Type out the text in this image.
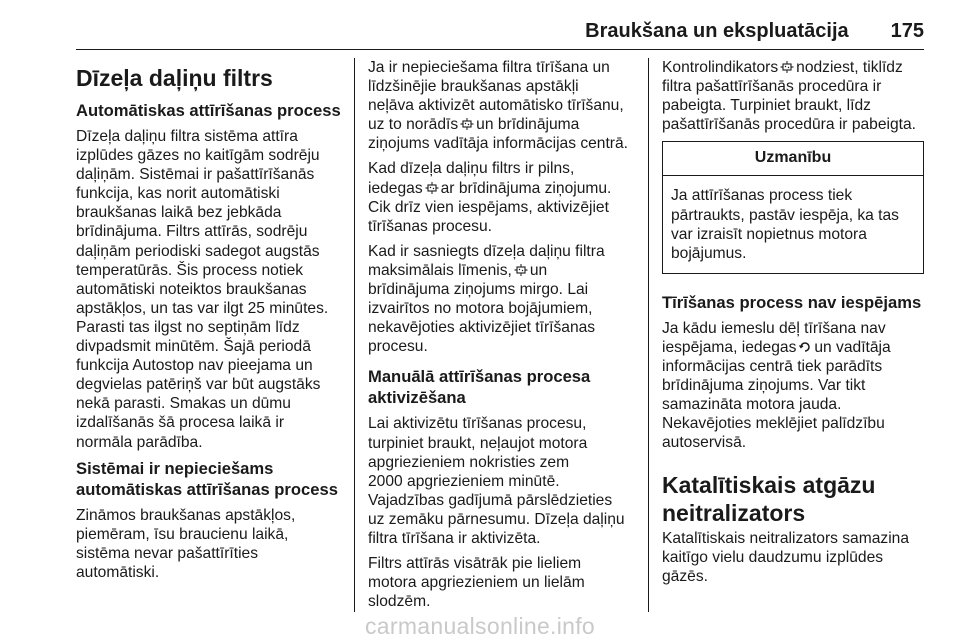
Braukšana un ekspluatācija 175
Dīzeļa daļiņu filtrs
Automātiskas attīrīšanas process

Dīzeļa daļiņu filtra sistēma attīra
izplūdes gāzes no kaitīgām sodrēju
daļiņām. Sistēmai ir pašattīrīšanās
funkcija, kas norit automātiski
braukšanas laikā bez jebkāda
brīdinājuma. Filtrs attīrās, sodrēju
daļiņām periodiski sadegot augstās
temperatūrās. Šis process notiek
automātiski noteiktos braukšanas
apstākļos, un tas var ilgt 25 minūtes.
Parasti tas ilgst no septiņām līdz
divpadsmit minūtēm. Šajā periodā
funkcija Autostop nav pieejama un
degvielas patēriņš var būt augstāks
nekā parasti. Smakas un dūmu
izdalīšanās šā procesa laikā ir
normāla parādība.

Sistēmai ir nepieciešams
automātiskas attīrīšanas process

Zināmos braukšanas apstākļos,
piemēram, īsu braucienu laikā,
sistēma nevar pašattīrīties
automātiski.

Ja ir nepieciešama filtra tīrīšana un
līdzšinējie braukšanas apstākļi
neļāva aktivizēt automātisko tīrīšanu,
uz to norādīs un brīdinājuma
ziņojums vadītāja informācijas centrā.

Kad dīzeļa daļiņu filtrs ir pilns,
iedegas ar brīdinājuma ziņojumu.
Cik drīz vien iespējams, aktivizējiet
tīrīšanas procesu.

Kad ir sasniegts dīzeļa daļiņu filtra
maksimālais līmenis, un
brīdinājuma ziņojums mirgo. Lai
izvairītos no motora bojājumiem,
nekavējoties aktivizējiet tīrīšanas
procesu.

Manuālā attīrīšanas procesa
aktivizēšana

Lai aktivizētu tīrīšanas procesu,
turpiniet braukt, neļaujot motora
apgriezieniem nokristies zem
2000 apgriezieniem minūtē.
Vajadzības gadījumā pārslēdzieties
uz zemāku pārnesumu. Dīzeļa daļiņu
filtra tīrīšana ir aktivizēta.

Filtrs attīrās visātrāk pie lieliem
motora apgriezieniem un lielām
slodzēm.

Kontrolindikators nodziest, tiklīdz
filtra pašattīrīšanās procedūra ir
pabeigta. Turpiniet braukt, līdz
pašattīrīšanās procedūra ir pabeigta.

Uzmanību
Ja attīrīšanas process tiek
pārtraukts, pastāv iespēja, ka tas
var izraisīt nopietnus motora
bojājumus.
Tīrīšanas process nav iespējams

Ja kādu iemeslu dēļ tīrīšana nav
iespējama, iedegas un vadītāja
informācijas centrā tiek parādīts
brīdinājuma ziņojums. Var tikt
samazināta motora jauda.
Nekavējoties meklējiet palīdzību
autoservisā.

Katalītiskais atgāzu
neitralizators

Katalītiskais neitralizators samazina
kaitīgo vielu daudzumu izplūdes
gāzēs.

carmanualsonline.info
